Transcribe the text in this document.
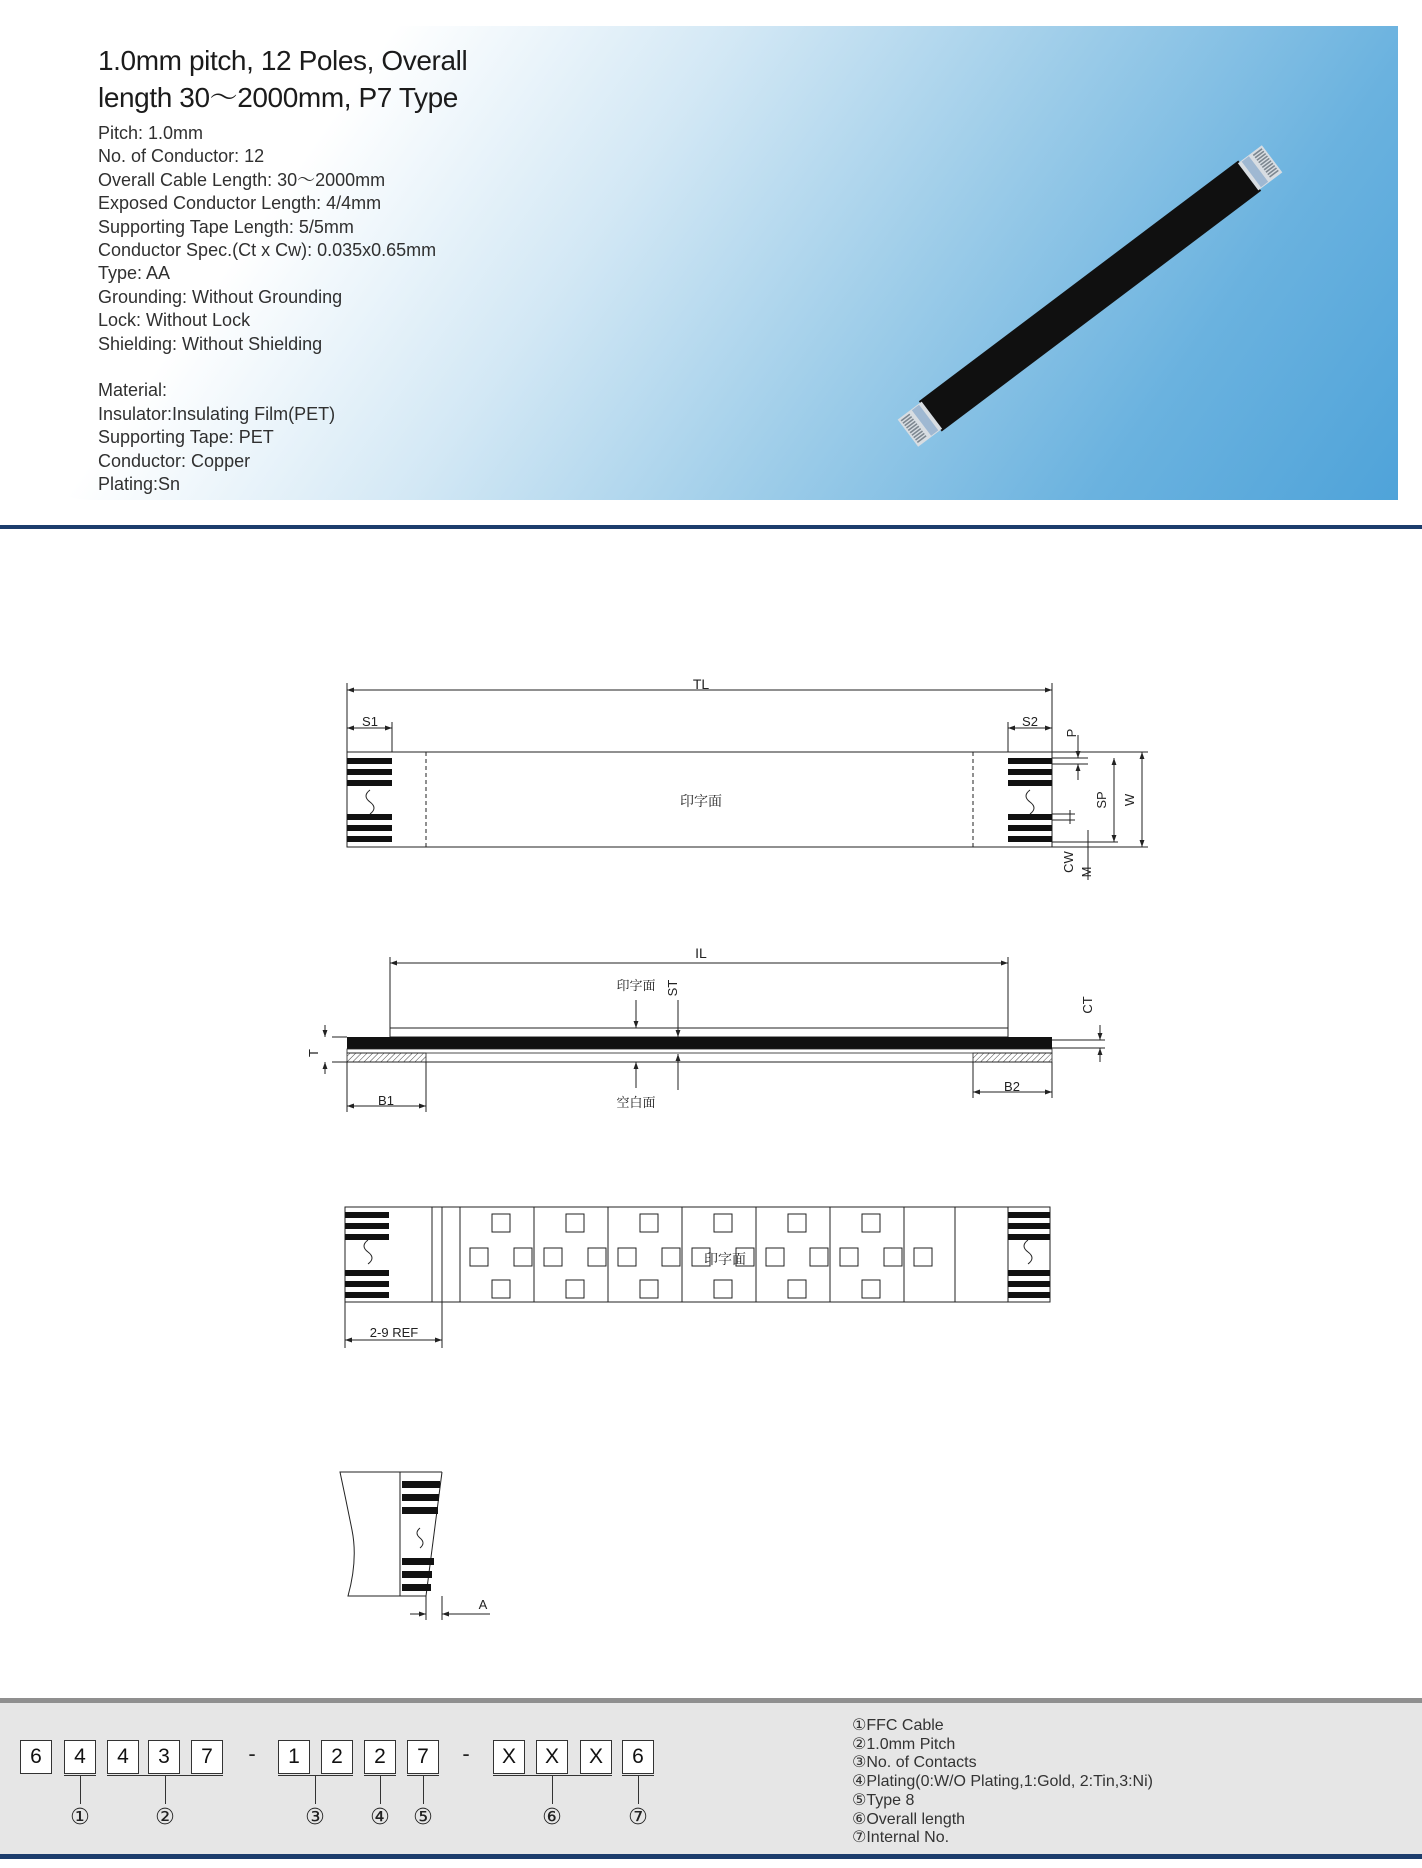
1.0mm pitch, 12 Poles, Overall
length 30～2000mm, P7 Type
Pitch: 1.0mm
No. of Conductor: 12
Overall Cable Length: 30～2000mm
Exposed Conductor Length: 4/4mm
Supporting Tape Length: 5/5mm
Conductor Spec.(Ct x Cw): 0.035x0.65mm
Type: AA
Grounding: Without Grounding
Lock: Without Lock
Shielding: Without Shielding
Material:
Insulator:Insulating Film(PET)
Supporting Tape: PET
Conductor: Copper
Plating:Sn
TL
S1	S2
印字面
P
SP W
CW M
IL
印字面 ST
CT
T
B1
B2
空白面
印字面
2-9 REF
A
6	4	4	3	7	-	1	2	2	7	-	X	X	X	6
①	②	③ ④ ⑤	⑥	⑦
①FFC Cable
②1.0mm Pitch
③No. of Contacts
④Plating(0:W/O Plating,1:Gold, 2:Tin,3:Ni)
⑤Type 8
⑥Overall length
⑦Internal No.
